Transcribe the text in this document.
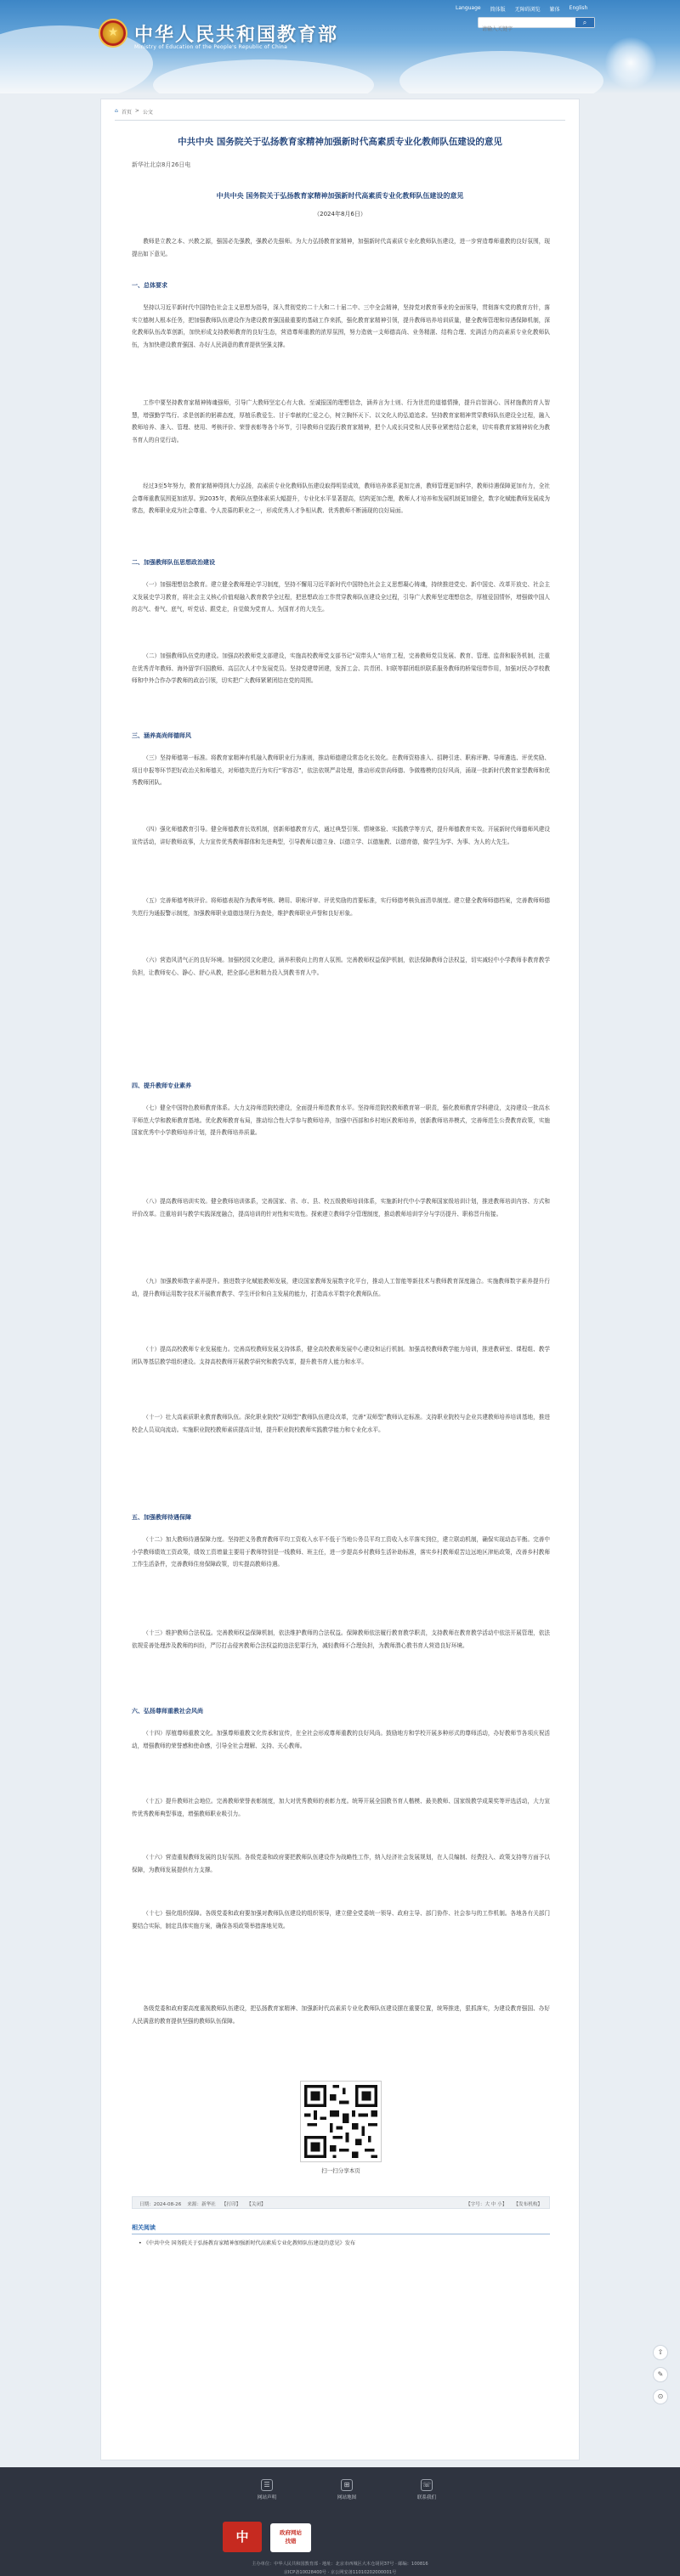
★
中华人民共和国教育部
Ministry of Education of the People's Republic of China
Language 简体版 无障碍浏览 繁体 English
请输入关键字
⌕
⌂ 首页 > 公文
中共中央 国务院关于弘扬教育家精神加强新时代高素质专业化教师队伍建设的意见
新华社北京8月26日电
中共中央 国务院关于弘扬教育家精神加强新时代高素质专业化教师队伍建设的意见
（2024年8月6日）
教师是立教之本、兴教之源，强国必先强教，强教必先强师。为大力弘扬教育家精神，加强新时代高素质专业化教师队伍建设，进一步营造尊师重教的良好氛围，现提出如下意见。
一、总体要求
坚持以习近平新时代中国特色社会主义思想为指导，深入贯彻党的二十大和二十届二中、三中全会精神，坚持党对教育事业的全面领导，贯彻落实党的教育方针，落实立德树人根本任务，把加强教师队伍建设作为建设教育强国最重要的基础工作来抓，强化教育家精神引领，提升教师培养培训质量，健全教师管理和待遇保障机制，深化教师队伍改革创新，加快形成支持教师教育的良好生态，营造尊师重教的浓厚氛围，努力造就一支师德高尚、业务精湛、结构合理、充满活力的高素质专业化教师队伍，为加快建设教育强国、办好人民满意的教育提供坚强支撑。
工作中要坚持教育家精神铸魂强师，引导广大教师坚定心有大我、至诚报国的理想信念，涵养言为士则、行为世范的道德情操，提升启智润心、因材施教的育人智慧，增强勤学笃行、求是创新的躬耕态度，厚植乐教爱生、甘于奉献的仁爱之心，树立胸怀天下、以文化人的弘道追求。坚持教育家精神贯穿教师队伍建设全过程，融入教师培养、准入、管理、使用、考核评价、荣誉表彰等各个环节，引导教师自觉践行教育家精神，把个人成长同党和人民事业紧密结合起来，切实将教育家精神转化为教书育人的自觉行动。
经过3至5年努力，教育家精神得到大力弘扬，高素质专业化教师队伍建设取得明显成效，教师培养体系更加完善，教师管理更加科学，教师待遇保障更加有力，全社会尊师重教氛围更加浓厚。到2035年，教师队伍整体素质大幅提升，专业化水平显著提高，结构更加合理，教师人才培养和发展机制更加健全，数字化赋能教师发展成为常态，教师职业成为社会尊重、令人羡慕的职业之一，形成优秀人才争相从教、优秀教师不断涌现的良好局面。
二、加强教师队伍思想政治建设
（一）加强理想信念教育。建立健全教师理论学习制度，坚持不懈用习近平新时代中国特色社会主义思想凝心铸魂，持续推进党史、新中国史、改革开放史、社会主义发展史学习教育，将社会主义核心价值观融入教育教学全过程，把思想政治工作贯穿教师队伍建设全过程，引导广大教师坚定理想信念，厚植爱国情怀，增强做中国人的志气、骨气、底气，听党话、跟党走，自觉做为党育人、为国育才的大先生。
（二）加强教师队伍党的建设。加强高校教师党支部建设，实施高校教师党支部书记“双带头人”培育工程，完善教师党员发展、教育、管理、监督和服务机制，注重在优秀青年教师、海外留学归国教师、高层次人才中发展党员。坚持党建带团建，发挥工会、共青团、妇联等群团组织联系服务教师的桥梁纽带作用，加强对民办学校教师和中外合作办学教师的政治引领，切实把广大教师紧紧团结在党的周围。
三、涵养高尚师德师风
（三）坚持师德第一标准。将教育家精神有机融入教师职业行为准则，推动师德建设常态化长效化。在教师资格准入、招聘引进、职称评聘、导师遴选、评优奖励、项目申报等环节把好政治关和师德关，对师德失范行为实行“零容忍”，依法依规严肃处理，推动形成崇尚师德、争做楷模的良好风尚，涌现一批新时代教育家型教师和优秀教师团队。
（四）强化师德教育引导。健全师德教育长效机制，创新师德教育方式，通过典型引领、情境体验、实践教学等方式，提升师德教育实效。开展新时代师德师风建设宣传活动，讲好教师故事，大力宣传优秀教师群体和先进典型，引导教师以德立身、以德立学、以德施教、以德育德，做学生为学、为事、为人的大先生。
（五）完善师德考核评价。将师德表现作为教师考核、聘用、职称评审、评优奖励的首要标准，实行师德考核负面清单制度。建立健全教师师德档案，完善教师师德失范行为通报警示制度，加强教师职业道德违规行为查处，维护教师职业声誉和良好形象。
（六）营造风清气正的良好环境。加强校园文化建设，涵养积极向上的育人氛围。完善教师权益保护机制，依法保障教师合法权益，切实减轻中小学教师非教育教学负担，让教师安心、静心、舒心从教，把全部心思和精力投入到教书育人中。
四、提升教师专业素养
（七）健全中国特色教师教育体系。大力支持师范院校建设，全面提升师范教育水平。坚持师范院校教师教育第一职责，强化教师教育学科建设，支持建设一批高水平师范大学和教师教育基地。优化教师教育布局，推动综合性大学参与教师培养，加强中西部和乡村地区教师培养，创新教师培养模式，完善师范生公费教育政策，实施国家优秀中小学教师培养计划，提升教师培养质量。
（八）提高教师培训实效。健全教师培训体系，完善国家、省、市、县、校五级教师培训体系，实施新时代中小学教师国家级培训计划，推进教师培训内容、方式和评价改革。注重培训与教学实践深度融合，提高培训的针对性和实效性。探索建立教师学分管理制度，推动教师培训学分与学历提升、职称晋升衔接。
（九）加强教师数字素养提升。推进数字化赋能教师发展，建设国家教师发展数字化平台，推动人工智能等新技术与教师教育深度融合。实施教师数字素养提升行动，提升教师运用数字技术开展教育教学、学生评价和自主发展的能力，打造高水平数字化教师队伍。
（十）提高高校教师专业发展能力。完善高校教师发展支持体系，健全高校教师发展中心建设和运行机制。加强高校教师教学能力培训，推进教研室、课程组、教学团队等基层教学组织建设。支持高校教师开展教学研究和教学改革，提升教书育人能力和水平。
（十一）壮大高素质职业教育教师队伍。深化职业院校“双师型”教师队伍建设改革，完善“双师型”教师认定标准。支持职业院校与企业共建教师培养培训基地，推进校企人员双向流动。实施职业院校教师素质提高计划，提升职业院校教师实践教学能力和专业化水平。
五、加强教师待遇保障
（十二）加大教师待遇保障力度。坚持把义务教育教师平均工资收入水平不低于当地公务员平均工资收入水平落实到位，建立联动机制，确保实现动态平衡。完善中小学教师绩效工资政策，绩效工资增量主要用于教师特别是一线教师、班主任，进一步提高乡村教师生活补助标准，落实乡村教师艰苦边远地区津贴政策，改善乡村教师工作生活条件，完善教师住房保障政策，切实提高教师待遇。
（十三）维护教师合法权益。完善教师权益保障机制，依法维护教师的合法权益。保障教师依法履行教育教学职责，支持教师在教育教学活动中依法开展管理，依法依规妥善处理涉及教师的纠纷，严厉打击侵害教师合法权益的违法犯罪行为，减轻教师不合理负担，为教师潜心教书育人营造良好环境。
六、弘扬尊师重教社会风尚
（十四）厚植尊师重教文化。加强尊师重教文化传承和宣传，在全社会形成尊师重教的良好风尚。鼓励地方和学校开展多种形式的尊师活动，办好教师节各项庆祝活动，增强教师的荣誉感和使命感，引导全社会理解、支持、关心教师。
（十五）提升教师社会地位。完善教师荣誉表彰制度，加大对优秀教师的表彰力度。统筹开展全国教书育人楷模、最美教师、国家级教学成果奖等评选活动，大力宣传优秀教师典型事迹，增强教师职业吸引力。
（十六）营造重视教师发展的良好氛围。各级党委和政府要把教师队伍建设作为战略性工作，纳入经济社会发展规划，在人员编制、经费投入、政策支持等方面予以保障，为教师发展提供有力支撑。
（十七）强化组织保障。各级党委和政府要加强对教师队伍建设的组织领导，建立健全党委统一领导、政府主导、部门协作、社会参与的工作机制。各地各有关部门要结合实际，制定具体实施方案，确保各项政策举措落地见效。
各级党委和政府要高度重视教师队伍建设，把弘扬教育家精神、加强新时代高素质专业化教师队伍建设摆在重要位置，统筹推进，狠抓落实，为建设教育强国、办好人民满意的教育提供坚强的教师队伍保障。
扫一扫分享本页
日期：2024-08-26 来源：新华社 【打印】 【关闭】	【字号：大 中 小】 【发布机构】
相关阅读
• 《中共中央 国务院关于弘扬教育家精神加强新时代高素质专业化教师队伍建设的意见》发布
⇧
✎
⊙
☰
网站声明
⊞
网站地图
☏
联系我们
中	政府网站
找错
主办单位：中华人民共和国教育部 · 地址：北京市西城区大木仓胡同37号 · 邮编：100816
京ICP备10028400号 · 京公网安备11010202000001号
